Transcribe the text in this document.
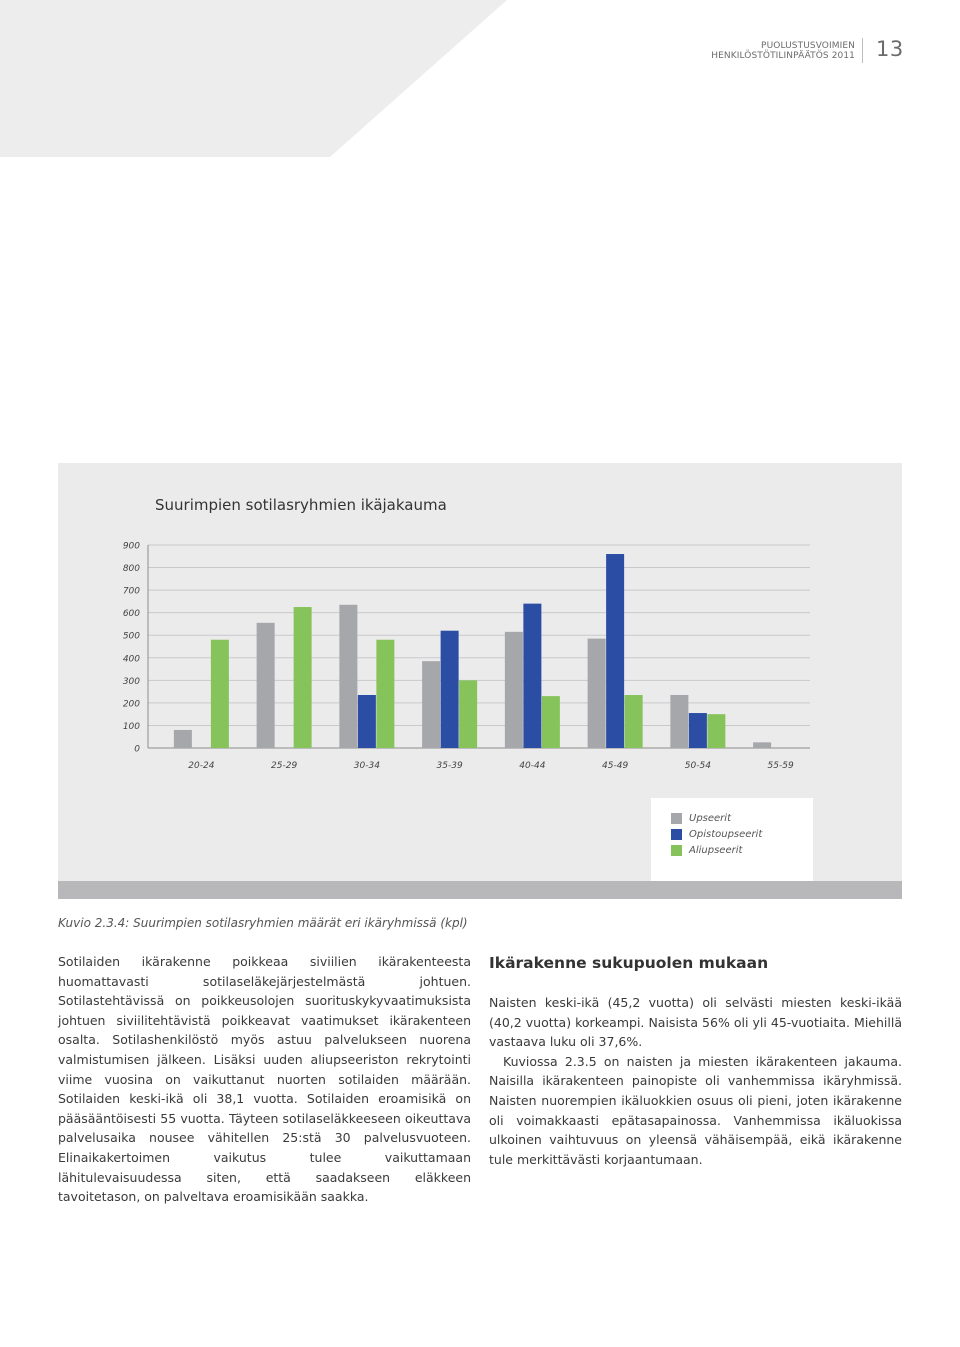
PUOLUSTUSVOIMIEN
HENKILÖSTÖTILINPÄÄTÖS 2011 13
Suurimpien sotilasryhmien ikäjakauma
0
100
200
300
400
500
600
700
800
900
20-24	25-29	30-34	35-39	40-44	45-49	50-54	55-59
Upseerit
Opistoupseerit
Aliupseerit
Kuvio 2.3.4: Suurimpien sotilasryhmien määrät eri ikäryhmissä (kpl)

Sotilaiden ikärakenne poikkeaa siviilien ikärakenteesta huomattavasti sotilaseläkejärjestelmästä johtuen. Sotilastehtävissä on poikkeusolojen suorituskykyvaatimuksista johtuen siviilitehtävistä poikkeavat vaatimukset ikärakenteen osalta. Sotilashenkilöstö myös astuu palvelukseen nuorena valmistumisen jälkeen. Lisäksi uuden aliupseeriston rekrytointi viime vuosina on vaikuttanut nuorten sotilaiden määrään. Sotilaiden keski-ikä oli 38,1 vuotta. Sotilaiden eroamisikä on pääsääntöisesti 55 vuotta. Täyteen sotilaseläkkeeseen oikeuttava palvelusaika nousee vähitellen 25:stä 30 palvelusvuoteen. Elinaikakertoimen vaikutus tulee vaikuttamaan lähitulevaisuudessa siten, että saadakseen eläkkeen tavoitetason, on palveltava eroamisikään saakka.

Ikärakenne sukupuolen mukaan

Naisten keski-ikä (45,2 vuotta) oli selvästi miesten keski-ikää (40,2 vuotta) korkeampi. Naisista 56% oli yli 45-vuotiaita. Miehillä vastaava luku oli 37,6%.

Kuviossa 2.3.5 on naisten ja miesten ikärakenteen jakauma. Naisilla ikärakenteen painopiste oli vanhemmissa ikäryhmissä. Naisten nuorempien ikäluokkien osuus oli pieni, joten ikärakenne oli voimakkaasti epätasapainossa. Vanhemmissa ikäluokissa ulkoinen vaihtuvuus on yleensä vähäisempää, eikä ikärakenne tule merkittävästi korjaantumaan.
